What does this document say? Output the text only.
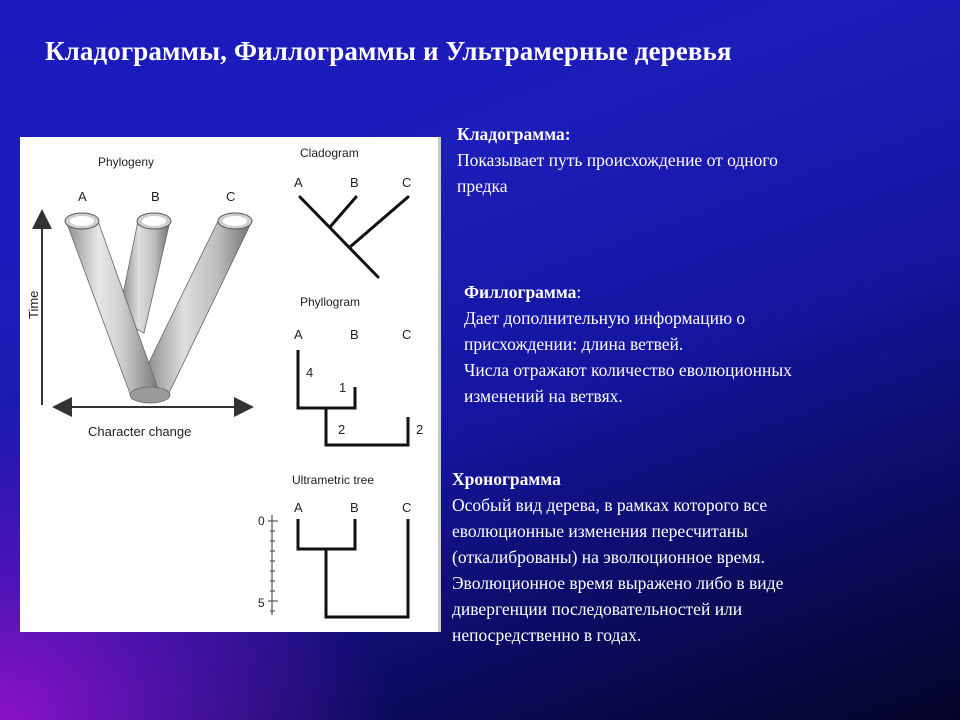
Кладограммы, Филлограммы и Ультрамерные деревья
Phylogeny
A	B	C
Time
Character change
Cladogram
A	B	C
Phyllogram
A	B	C
4
1
2	2
Ultrametric tree
A	B	C
0
5
Кладограмма:
Показывает путь происхождение от одного
предка
Филлограмма:
Дает дополнительную информацию о
присхождении: длина ветвей.
Числа отражают количество еволюционных
изменений на ветвях.
Хронограмма
Особый вид дерева, в рамках которого все
еволюционные изменения пересчитаны
(откалиброваны) на эволюционное время.
Эволюционное время выражено либо в виде
дивергенции последовательностей или
непосредственно в годах.
